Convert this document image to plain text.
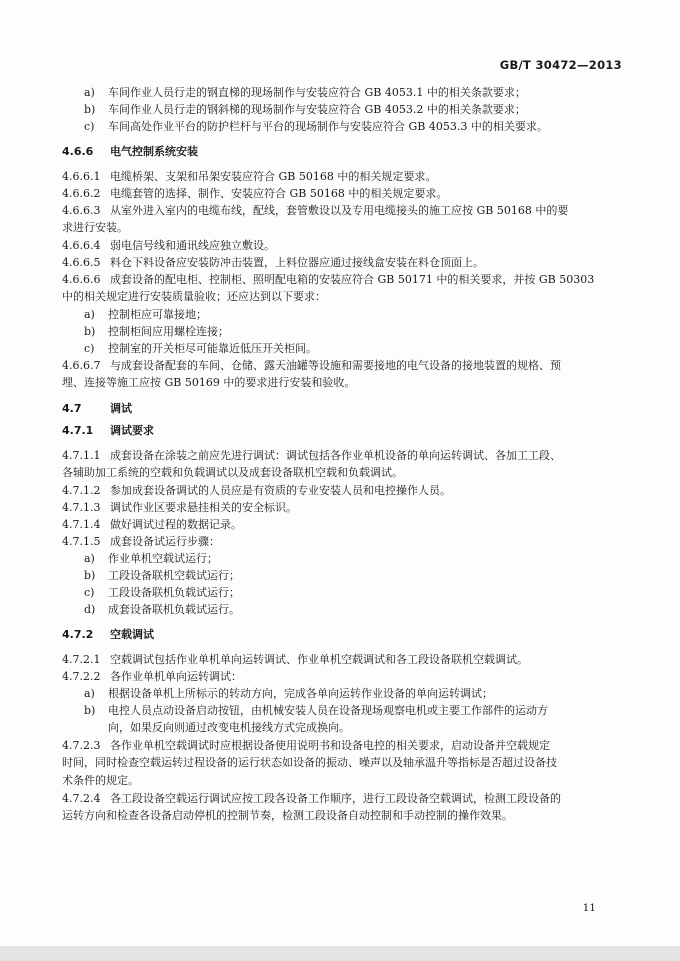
GB/T 30472—2013
a) 车间作业人员行走的钢直梯的现场制作与安装应符合 GB 4053.1 中的相关条款要求；
b) 车间作业人员行走的钢斜梯的现场制作与安装应符合 GB 4053.2 中的相关条款要求；
c) 车间高处作业平台的防护栏杆与平台的现场制作与安装应符合 GB 4053.3 中的相关要求。
4.6.6 电气控制系统安装
4.6.6.1 电缆桥架、支架和吊架安装应符合 GB 50168 中的相关规定要求。
4.6.6.2 电缆套管的选择、制作、安装应符合 GB 50168 中的相关规定要求。
4.6.6.3 从室外进入室内的电缆布线，配线，套管敷设以及专用电缆接头的施工应按 GB 50168 中的要
求进行安装。
4.6.6.4 弱电信号线和通讯线应独立敷设。
4.6.6.5 料仓下料设备应安装防冲击装置，上料位器应通过接线盒安装在料仓顶面上。
4.6.6.6 成套设备的配电柜、控制柜、照明配电箱的安装应符合 GB 50171 中的相关要求，并按 GB 50303
中的相关规定进行安装质量验收；还应达到以下要求：
a) 控制柜应可靠接地；
b) 控制柜间应用螺栓连接；
c) 控制室的开关柜尽可能靠近低压开关柜间。
4.6.6.7 与成套设备配套的车间、仓储、露天油罐等设施和需要接地的电气设备的接地装置的规格、预
埋、连接等施工应按 GB 50169 中的要求进行安装和验收。
4.7	调试
4.7.1 调试要求
4.7.1.1 成套设备在涂装之前应先进行调试：调试包括各作业单机设备的单向运转调试、各加工工段、
各辅助加工系统的空载和负载调试以及成套设备联机空载和负载调试。
4.7.1.2 参加成套设备调试的人员应是有资质的专业安装人员和电控操作人员。
4.7.1.3 调试作业区要求悬挂相关的安全标识。
4.7.1.4 做好调试过程的数据记录。
4.7.1.5 成套设备试运行步骤：
a) 作业单机空载试运行；
b) 工段设备联机空载试运行；
c) 工段设备联机负载试运行；
d) 成套设备联机负载试运行。
4.7.2 空载调试
4.7.2.1 空载调试包括作业单机单向运转调试、作业单机空载调试和各工段设备联机空载调试。
4.7.2.2 各作业单机单向运转调试：
a) 根据设备单机上所标示的转动方向，完成各单向运转作业设备的单向运转调试；
b) 电控人员点动设备启动按钮，由机械安装人员在设备现场观察电机或主要工作部件的运动方
向，如果反向则通过改变电机接线方式完成换向。
4.7.2.3 各作业单机空载调试时应根据设备使用说明书和设备电控的相关要求，启动设备并空载规定
时间，同时检查空载运转过程设备的运行状态如设备的振动、噪声以及轴承温升等指标是否超过设备技
术条件的规定。
4.7.2.4 各工段设备空载运行调试应按工段各设备工作顺序，进行工段设备空载调试，检测工段设备的
运转方向和检查各设备启动停机的控制节奏，检测工段设备自动控制和手动控制的操作效果。
11
